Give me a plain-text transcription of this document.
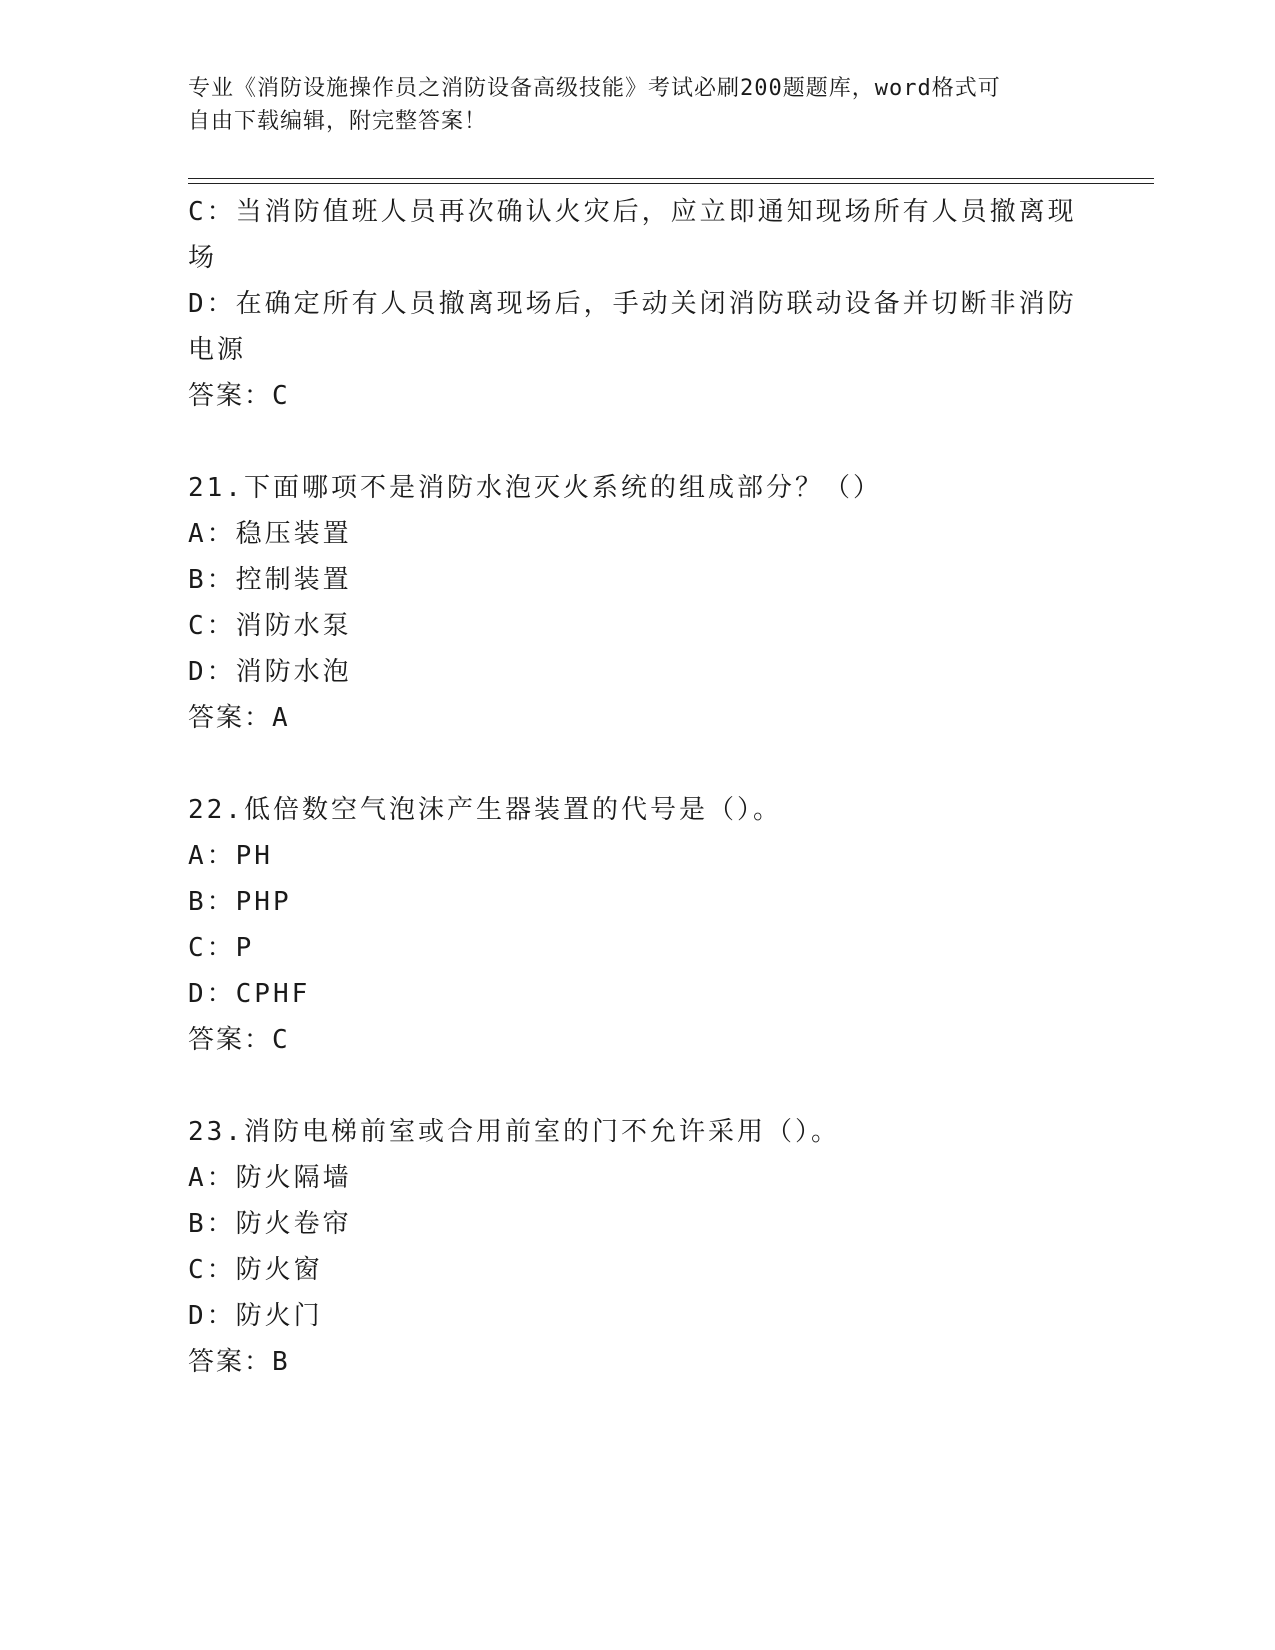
专业《消防设施操作员之消防设备高级技能》考试必刷200题题库，word格式可
自由下载编辑，附完整答案！
C：当消防值班人员再次确认火灾后，应立即通知现场所有人员撤离现
场
D：在确定所有人员撤离现场后，手动关闭消防联动设备并切断非消防
电源
答案：C
21.下面哪项不是消防水泡灭火系统的组成部分？（）
A：稳压装置
B：控制装置
C：消防水泵
D：消防水泡
答案：A
22.低倍数空气泡沫产生器装置的代号是（）。
A：PH
B：PHP
C：P
D：CPHF
答案：C
23.消防电梯前室或合用前室的门不允许采用（）。
A：防火隔墙
B：防火卷帘
C：防火窗
D：防火门
答案：B
